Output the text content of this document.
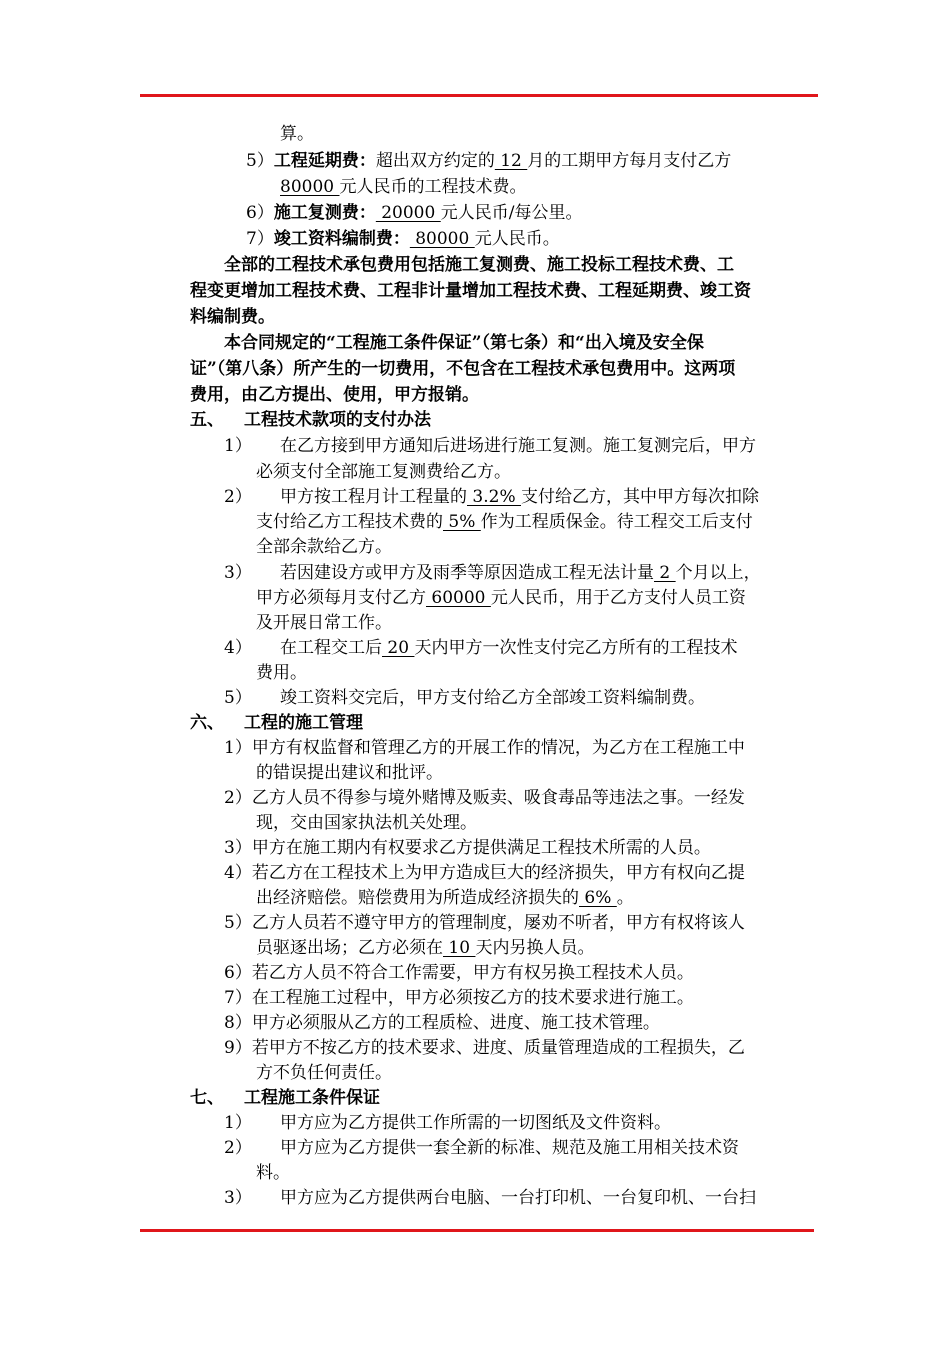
算。
5）工程延期费：超出双方约定的 12 月的工期甲方每月支付乙方
80000 元人民币的工程技术费。
6）施工复测费： 20000 元人民币/每公里。
7）竣工资料编制费： 80000 元人民币。
全部的工程技术承包费用包括施工复测费、施工投标工程技术费、工
程变更增加工程技术费、工程非计量增加工程技术费、工程延期费、竣工资
料编制费。
本合同规定的“工程施工条件保证”（第七条）和“出入境及安全保
证”（第八条）所产生的一切费用，不包含在工程技术承包费用中。这两项
费用，由乙方提出、使用，甲方报销。
五、 工程技术款项的支付办法
1） 在乙方接到甲方通知后进场进行施工复测。施工复测完后，甲方
必须支付全部施工复测费给乙方。
2） 甲方按工程月计工程量的 3.2% 支付给乙方，其中甲方每次扣除
支付给乙方工程技术费的 5% 作为工程质保金。待工程交工后支付
全部余款给乙方。
3） 若因建设方或甲方及雨季等原因造成工程无法计量 2 个月以上，
甲方必须每月支付乙方 60000 元人民币，用于乙方支付人员工资
及开展日常工作。
4） 在工程交工后 20 天内甲方一次性支付完乙方所有的工程技术
费用。
5） 竣工资料交完后，甲方支付给乙方全部竣工资料编制费。
六、 工程的施工管理
1）甲方有权监督和管理乙方的开展工作的情况，为乙方在工程施工中
的错误提出建议和批评。
2）乙方人员不得参与境外赌博及贩卖、吸食毒品等违法之事。一经发
现，交由国家执法机关处理。
3）甲方在施工期内有权要求乙方提供满足工程技术所需的人员。
4）若乙方在工程技术上为甲方造成巨大的经济损失，甲方有权向乙提
出经济赔偿。赔偿费用为所造成经济损失的 6% 。
5）乙方人员若不遵守甲方的管理制度，屡劝不听者，甲方有权将该人
员驱逐出场；乙方必须在 10 天内另换人员。
6）若乙方人员不符合工作需要，甲方有权另换工程技术人员。
7）在工程施工过程中，甲方必须按乙方的技术要求进行施工。
8）甲方必须服从乙方的工程质检、进度、施工技术管理。
9）若甲方不按乙方的技术要求、进度、质量管理造成的工程损失，乙
方不负任何责任。
七、 工程施工条件保证
1） 甲方应为乙方提供工作所需的一切图纸及文件资料。
2） 甲方应为乙方提供一套全新的标准、规范及施工用相关技术资
料。
3） 甲方应为乙方提供两台电脑、一台打印机、一台复印机、一台扫
